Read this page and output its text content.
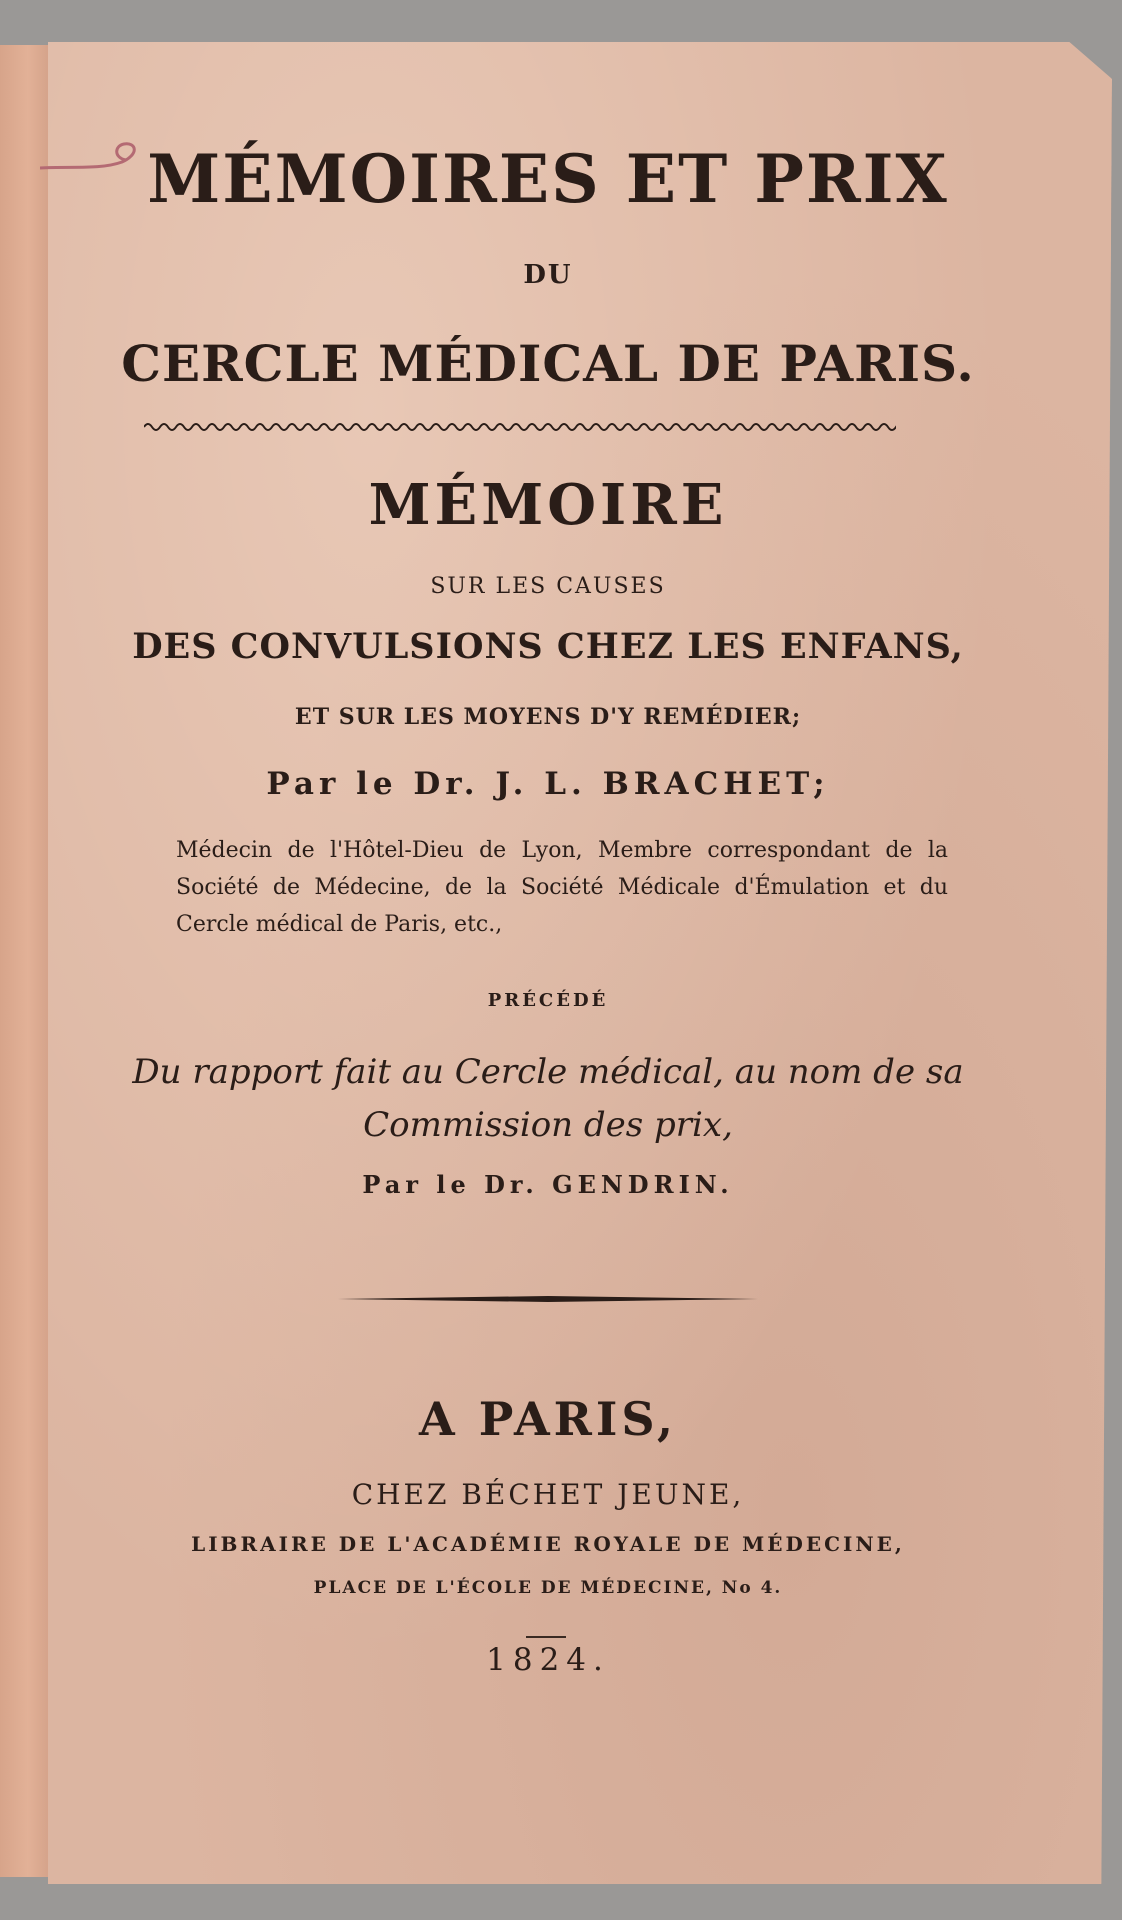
MÉMOIRES ET PRIX
DU
CERCLE MÉDICAL DE PARIS.
MÉMOIRE
SUR LES CAUSES
DES CONVULSIONS CHEZ LES ENFANS,
ET SUR LES MOYENS D'Y REMÉDIER;
Par le Dr. J. L. BRACHET;
Médecin de l'Hôtel-Dieu de Lyon, Membre correspondant de la Société de Médecine, de la Société Médicale d'Émulation et du Cercle médical de Paris, etc.,
PRÉCÉDÉ
Du rapport fait au Cercle médical, au nom de sa
Commission des prix,
Par le Dr. GENDRIN.
A PARIS,
CHEZ BÉCHET JEUNE,
LIBRAIRE DE L'ACADÉMIE ROYALE DE MÉDECINE,
PLACE DE L'ÉCOLE DE MÉDECINE, No 4.
1824.
